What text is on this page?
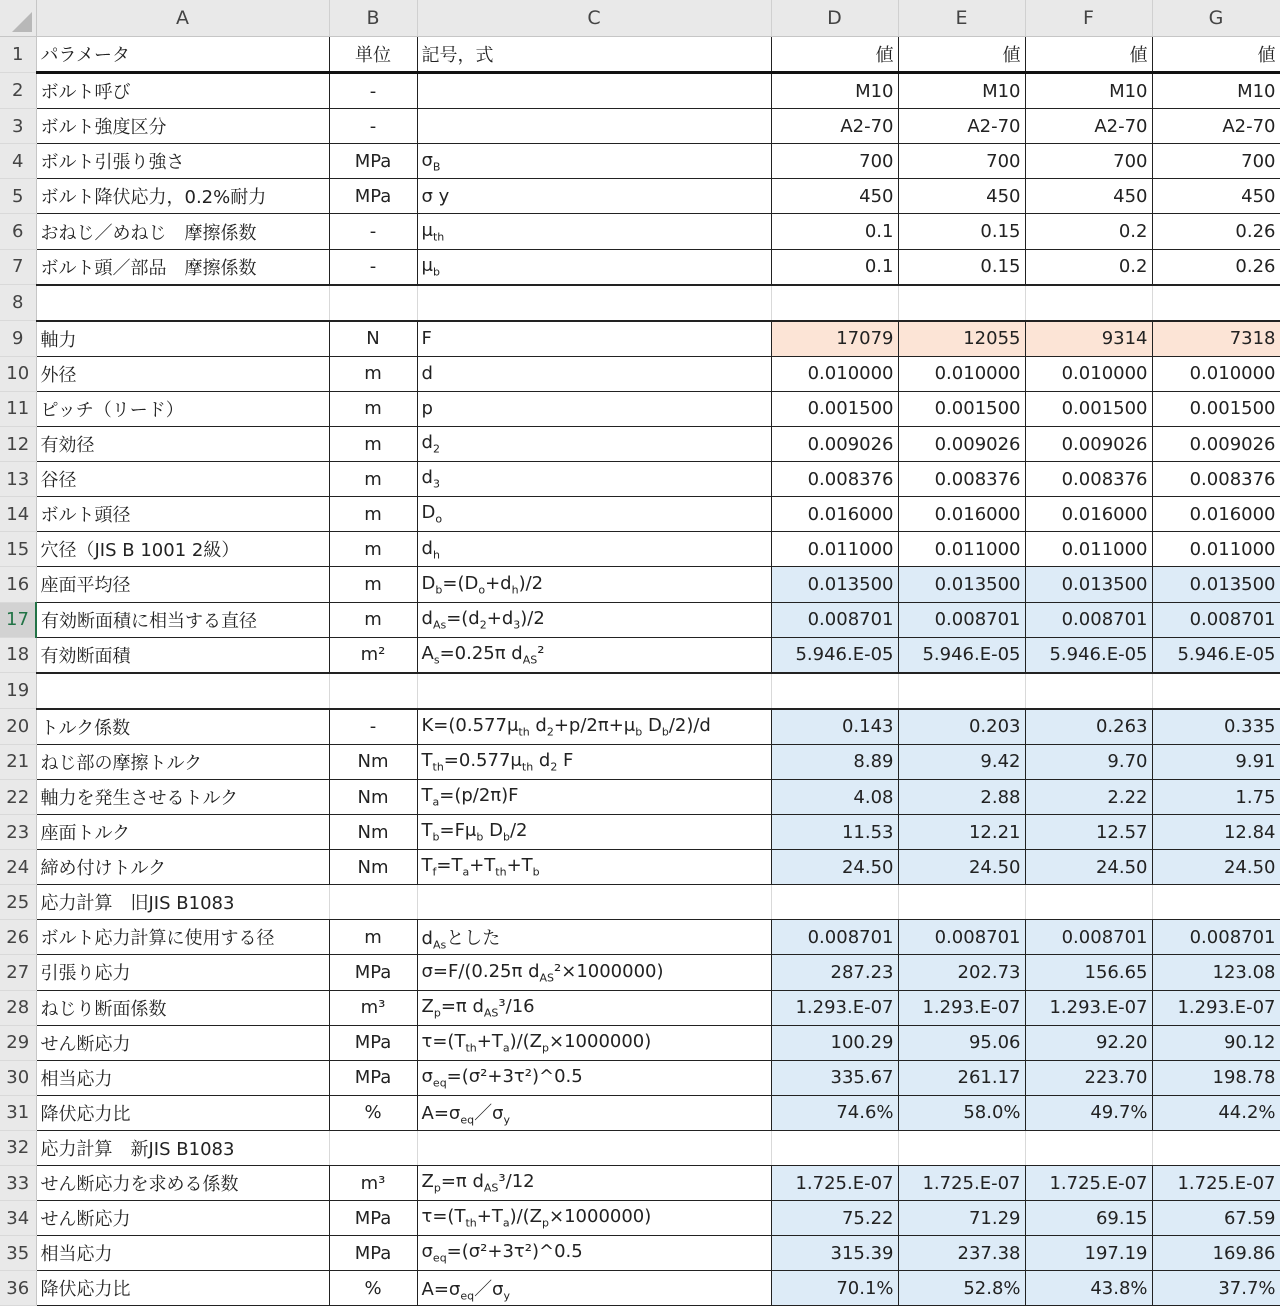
	A	B	C	D	E	F	G
1	パラメータ	単位	記号，式	値	値	値	値
2	ボルト呼び	-		M10	M10	M10	M10
3	ボルト強度区分	-		A2-70	A2-70	A2-70	A2-70
4	ボルト引張り強さ	MPa	$\sigma_B$	700	700	700	700
5	ボルト降伏応力，0.2%耐力	MPa	σ y	450	450	450	450
6	おねじ／めねじ　摩擦係数	-	$\mu_{th}$	0.1	0.15	0.2	0.26
7	ボルト頭／部品　摩擦係数	-	$\mu_b$	0.1	0.15	0.2	0.26
8							
9	軸力	N	F	17079	12055	9314	7318
10	外径	m	d	0.010000	0.010000	0.010000	0.010000
11	ピッチ（リード）	m	p	0.001500	0.001500	0.001500	0.001500
12	有効径	m	$d_2$	0.009026	0.009026	0.009026	0.009026
13	谷径	m	$d_3$	0.008376	0.008376	0.008376	0.008376
14	ボルト頭径	m	$D_o$	0.016000	0.016000	0.016000	0.016000
15	穴径（JIS B 1001 2級）	m	$d_h$	0.011000	0.011000	0.011000	0.011000
16	座面平均径	m	$D_b=(D_o+d_h)/2$	0.013500	0.013500	0.013500	0.013500
17	有効断面積に相当する直径	m	$d_{As}=(d_2+d_3)/2$	0.008701	0.008701	0.008701	0.008701
18	有効断面積	m²	$A_s=0.25\pi$ $d_{AS}^2$	5.946.E-05	5.946.E-05	5.946.E-05	5.946.E-05
19							
20	トルク係数	-	$K=(0.577\mu_{th}$ $d_2+p/2\pi+\mu_b$ $D_b/2)/d$	0.143	0.203	0.263	0.335
21	ねじ部の摩擦トルク	Nm	$T_{th}=0.577\mu_{th}$ $d_2$ F	8.89	9.42	9.70	9.91
22	軸力を発生させるトルク	Nm	$T_a=(p/2\pi)F$	4.08	2.88	2.22	1.75
23	座面トルク	Nm	$T_b=F\mu_b$ $D_b/2$	11.53	12.21	12.57	12.84
24	締め付けトルク	Nm	$T_f=T_a+T_{th}+T_b$	24.50	24.50	24.50	24.50
25	応力計算　旧JIS B1083						
26	ボルト応力計算に使用する径	m	$d_{As}$とした	0.008701	0.008701	0.008701	0.008701
27	引張り応力	MPa	σ=F/(0.25π $d_{AS}^2\times 1000000$)	287.23	202.73	156.65	123.08
28	ねじり断面係数	m³	$Z_p=\pi$ $d_{AS}^3/16$	1.293.E-07	1.293.E-07	1.293.E-07	1.293.E-07
29	せん断応力	MPa	$\tau=(T_{th}+T_a)/(Z_p\times 1000000)$	100.29	95.06	92.20	90.12
30	相当応力	MPa	$\sigma_{eq}=(\sigma^2+3\tau^2)\^{}0.5$	335.67	261.17	223.70	198.78
31	降伏応力比	%	$A=\sigma_{eq}/\sigma_y$	74.6%	58.0%	49.7%	44.2%
32	応力計算　新JIS B1083						
33	せん断応力を求める係数	m³	$Z_p=\pi$ $d_{AS}^3/12$	1.725.E-07	1.725.E-07	1.725.E-07	1.725.E-07
34	せん断応力	MPa	$\tau=(T_{th}+T_a)/(Z_p\times 1000000)$	75.22	71.29	69.15	67.59
35	相当応力	MPa	$\sigma_{eq}=(\sigma^2+3\tau^2)\^{}0.5$	315.39	237.38	197.19	169.86
36	降伏応力比	%	$A=\sigma_{eq}/\sigma_y$	70.1%	52.8%	43.8%	37.7%
